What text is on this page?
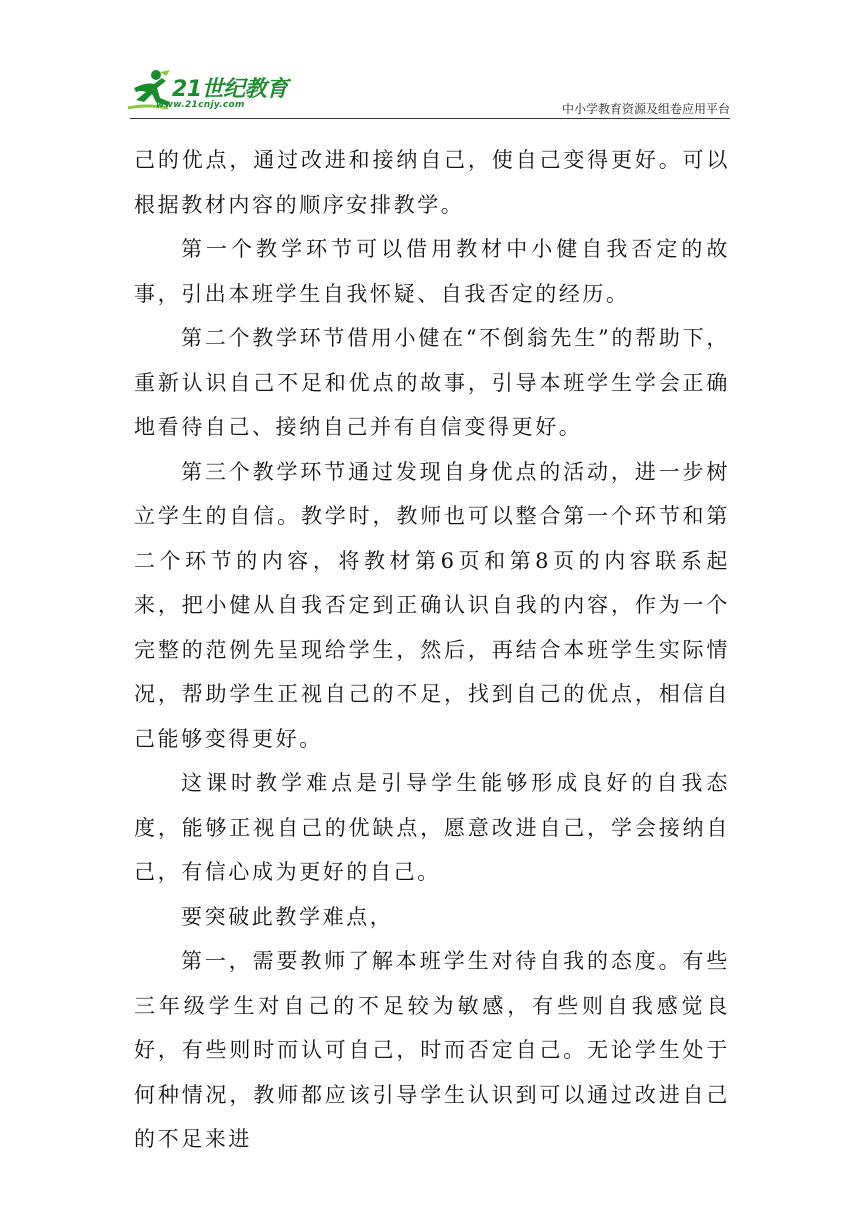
21世纪教育
www.21cnjy.com	中小学教育资源及组卷应用平台

己的优点，通过改进和接纳自己，使自己变得更好。可以根据教材内容的顺序安排教学。

第一个教学环节可以借用教材中小健自我否定的故事，引出本班学生自我怀疑、自我否定的经历。

第二个教学环节借用小健在“不倒翁先生”的帮助下，重新认识自己不足和优点的故事，引导本班学生学会正确地看待自己、接纳自己并有自信变得更好。

第三个教学环节通过发现自身优点的活动，进一步树立学生的自信。教学时，教师也可以整合第一个环节和第二个环节的内容，将教材第6页和第8页的内容联系起来，把小健从自我否定到正确认识自我的内容，作为一个完整的范例先呈现给学生，然后，再结合本班学生实际情况，帮助学生正视自己的不足，找到自己的优点，相信自己能够变得更好。

这课时教学难点是引导学生能够形成良好的自我态度，能够正视自己的优缺点，愿意改进自己，学会接纳自己，有信心成为更好的自己。

要突破此教学难点，

第一，需要教师了解本班学生对待自我的态度。有些三年级学生对自己的不足较为敏感，有些则自我感觉良好，有些则时而认可自己，时而否定自己。无论学生处于何种情况，教师都应该引导学生认识到可以通过改进自己的不足来进
